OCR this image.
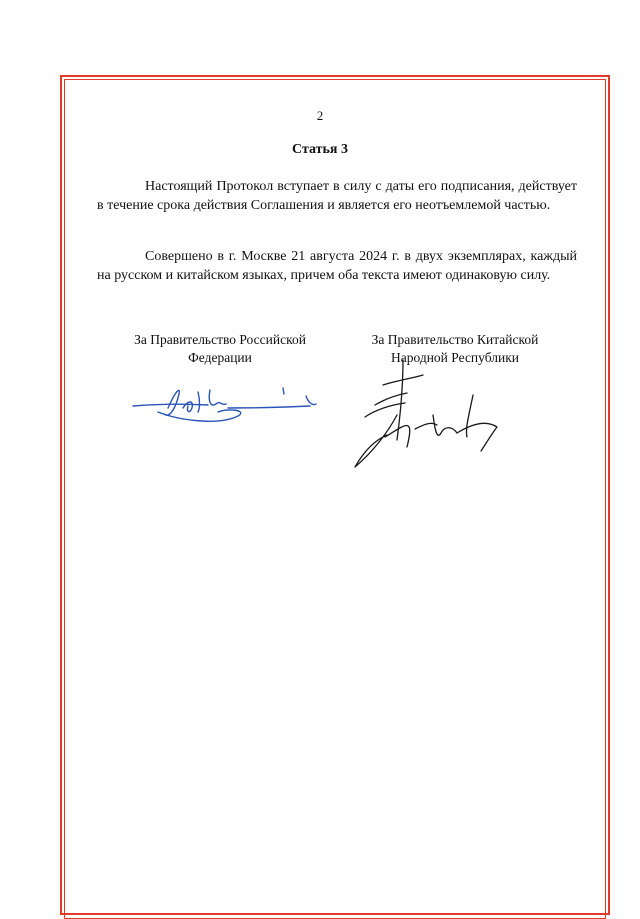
2
Статья 3

Настоящий Протокол вступает в силу с даты его подписания, действует в течение срока действия Соглашения и является его неотъемлемой частью.

Совершено в г. Москве 21 августа 2024 г. в двух экземплярах, каждый на русском и китайском языках, причем оба текста имеют одинаковую силу.

За Правительство Российской Федерации
За Правительство Китайской Народной Республики
